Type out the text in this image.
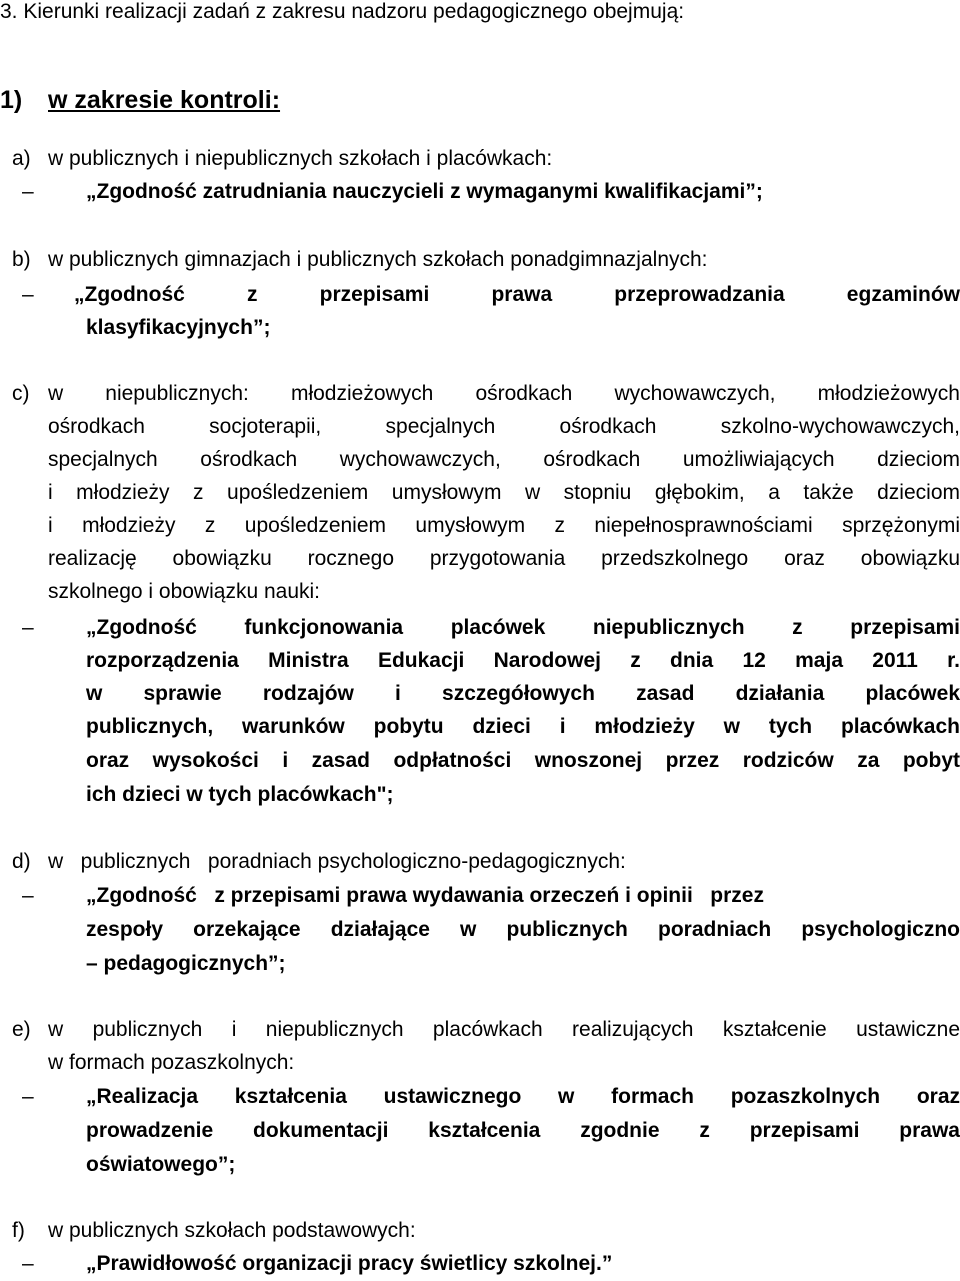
3. Kierunki realizacji zadań z zakresu nadzoru pedagogicznego obejmują:
1) w zakresie kontroli:
a) w publicznych i niepublicznych szkołach i placówkach:
– „Zgodność zatrudniania nauczycieli z wymaganymi kwalifikacjami”;
b) w publicznych gimnazjach i publicznych szkołach ponadgimnazjalnych:
– „Zgodność z przepisami prawa przeprowadzania egzaminów
klasyfikacyjnych”;
c) w niepublicznych: młodzieżowych ośrodkach wychowawczych, młodzieżowych
ośrodkach socjoterapii, specjalnych ośrodkach szkolno-wychowawczych,
specjalnych ośrodkach wychowawczych, ośrodkach umożliwiających dzieciom
i młodzieży z upośledzeniem umysłowym w stopniu głębokim, a także dzieciom
i młodzieży z upośledzeniem umysłowym z niepełnosprawnościami sprzężonymi
realizację obowiązku rocznego przygotowania przedszkolnego oraz obowiązku
szkolnego i obowiązku nauki:
– „Zgodność funkcjonowania placówek niepublicznych z przepisami
rozporządzenia Ministra Edukacji Narodowej z dnia 12 maja 2011 r.
w sprawie rodzajów i szczegółowych zasad działania placówek
publicznych, warunków pobytu dzieci i młodzieży w tych placówkach
oraz wysokości i zasad odpłatności wnoszonej przez rodziców za pobyt
ich dzieci w tych placówkach";
d) w   publicznych   poradniach psychologiczno-pedagogicznych:
– „Zgodność   z przepisami prawa wydawania orzeczeń i opinii   przez
zespoły orzekające działające w publicznych poradniach psychologiczno
– pedagogicznych”;
e) w publicznych i niepublicznych placówkach realizujących kształcenie ustawiczne
w formach pozaszkolnych:
– „Realizacja kształcenia ustawicznego w formach pozaszkolnych oraz
prowadzenie dokumentacji kształcenia zgodnie z przepisami prawa
oświatowego”;
f) w publicznych szkołach podstawowych:
– „Prawidłowość organizacji pracy świetlicy szkolnej.”
